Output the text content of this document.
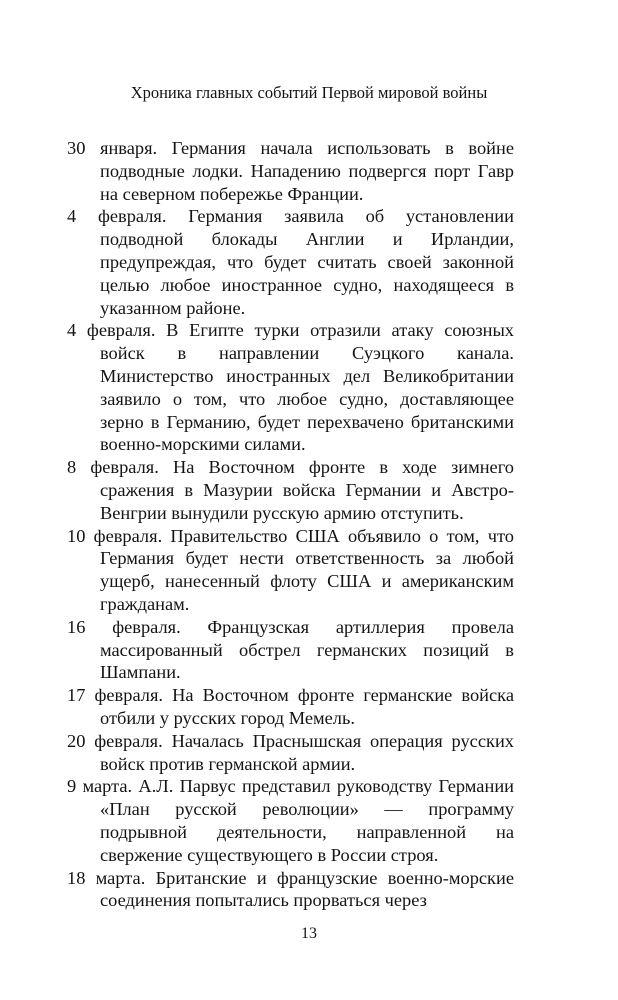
Хроника главных событий Первой мировой войны

30 января. Германия начала использовать в войне подводные лодки. Нападению подвергся порт Гавр на северном побережье Франции.

4 февраля. Германия заявила об установлении подводной блокады Англии и Ирландии, предупреждая, что будет считать своей законной целью любое иностранное судно, находящееся в указанном районе.

4 февраля. В Египте турки отразили атаку союзных войск в направлении Суэцкого канала. Министерство иностранных дел Великобритании заявило о том, что любое судно, доставляющее зерно в Германию, будет перехвачено британскими военно-морскими силами.

8 февраля. На Восточном фронте в ходе зимнего сражения в Мазурии войска Германии и Австро-Венгрии вынудили русскую армию отступить.

10 февраля. Правительство США объявило о том, что Германия будет нести ответственность за любой ущерб, нанесенный флоту США и американским гражданам.

16 февраля. Французская артиллерия провела массированный обстрел германских позиций в Шампани.

17 февраля. На Восточном фронте германские войска отбили у русских город Мемель.

20 февраля. Началась Праснышская операция русских войск против германской армии.

9 марта. А.Л. Парвус представил руководству Германии «План русской революции» — программу подрывной деятельности, направленной на свержение существующего в России строя.

18 марта. Британские и французские военно-морские соединения попытались прорваться через

13
